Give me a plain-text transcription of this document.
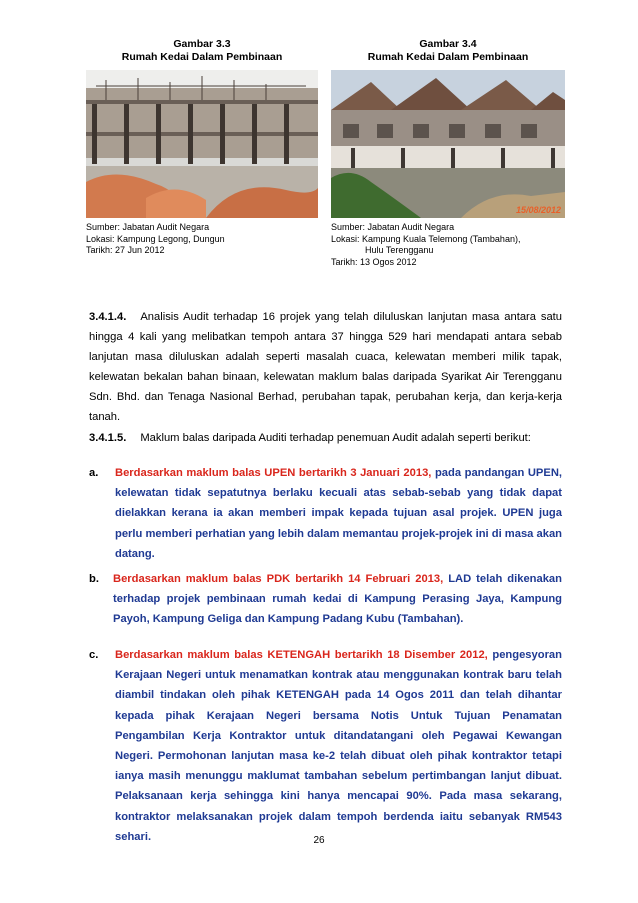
Gambar 3.3
Rumah Kedai Dalam Pembinaan
Sumber: Jabatan Audit Negara
Lokasi: Kampung Legong, Dungun
Tarikh: 27 Jun 2012
Gambar 3.4
Rumah Kedai Dalam Pembinaan
15/08/2012
Sumber: Jabatan Audit Negara
Lokasi: Kampung Kuala Telemong (Tambahan),
Hulu Terengganu
Tarikh: 13 Ogos 2012
3.4.1.4. Analisis Audit terhadap 16 projek yang telah diluluskan lanjutan masa antara satu hingga 4 kali yang melibatkan tempoh antara 37 hingga 529 hari mendapati antara sebab lanjutan masa diluluskan adalah seperti masalah cuaca, kelewatan memberi milik tapak, kelewatan bekalan bahan binaan, kelewatan maklum balas daripada Syarikat Air Terengganu Sdn. Bhd. dan Tenaga Nasional Berhad, perubahan tapak, perubahan kerja, dan kerja-kerja tanah.
3.4.1.5. Maklum balas daripada Auditi terhadap penemuan Audit adalah seperti berikut:
a. Berdasarkan maklum balas UPEN bertarikh 3 Januari 2013, pada pandangan UPEN, kelewatan tidak sepatutnya berlaku kecuali atas sebab-sebab yang tidak dapat dielakkan kerana ia akan memberi impak kepada tujuan asal projek. UPEN juga perlu memberi perhatian yang lebih dalam memantau projek-projek ini di masa akan datang.
b. Berdasarkan maklum balas PDK bertarikh 14 Februari 2013, LAD telah dikenakan terhadap projek pembinaan rumah kedai di Kampung Perasing Jaya, Kampung Payoh, Kampung Geliga dan Kampung Padang Kubu (Tambahan).
c. Berdasarkan maklum balas KETENGAH bertarikh 18 Disember 2012, pengesyoran Kerajaan Negeri untuk menamatkan kontrak atau menggunakan kontrak baru telah diambil tindakan oleh pihak KETENGAH pada 14 Ogos 2011 dan telah dihantar kepada pihak Kerajaan Negeri bersama Notis Untuk Tujuan Penamatan Pengambilan Kerja Kontraktor untuk ditandatangani oleh Pegawai Kewangan Negeri. Permohonan lanjutan masa ke-2 telah dibuat oleh pihak kontraktor tetapi ianya masih menunggu maklumat tambahan sebelum pertimbangan lanjut dibuat. Pelaksanaan kerja sehingga kini hanya mencapai 90%. Pada masa sekarang, kontraktor melaksanakan projek dalam tempoh berdenda iaitu sebanyak RM543 sehari.	26
